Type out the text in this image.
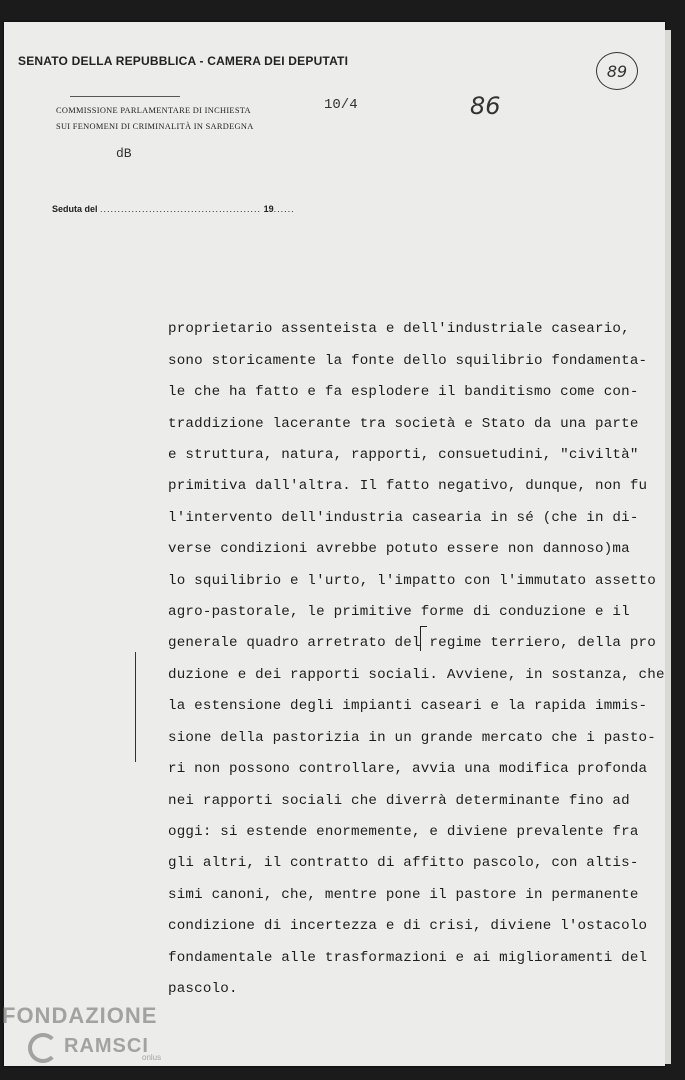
SENATO DELLA REPUBBLICA - CAMERA DEI DEPUTATI
COMMISSIONE PARLAMENTARE DI INCHIESTA
SUI FENOMENI DI CRIMINALITÀ IN SARDEGNA
10/4	86
89
dB
Seduta del .............................................. 19......

proprietario assenteista e dell'industriale caseario,
sono storicamente la fonte dello squilibrio fondamenta-
le che ha fatto e fa esplodere il banditismo come con-
traddizione lacerante tra società e Stato da una parte
e struttura, natura, rapporti, consuetudini, "civiltà"
primitiva dall'altra. Il fatto negativo, dunque, non fu
l'intervento dell'industria casearia in sé (che in di-
verse condizioni avrebbe potuto essere non dannoso)ma
lo squilibrio e l'urto, l'impatto con l'immutato assetto
agro-pastorale, le primitive forme di conduzione e il
generale quadro arretrato del regime terriero, della pro
duzione e dei rapporti sociali. Avviene, in sostanza, che
la estensione degli impianti caseari e la rapida immis-
sione della pastorizia in un grande mercato che i pasto-
ri non possono controllare, avvia una modifica profonda
nei rapporti sociali che diverrà determinante fino ad
oggi: si estende enormemente, e diviene prevalente fra
gli altri, il contratto di affitto pascolo, con altis-
simi canoni, che, mentre pone il pastore in permanente
condizione di incertezza e di crisi, diviene l'ostacolo
fondamentale alle trasformazioni e ai miglioramenti del
pascolo.

FONDAZIONE
RAMSCI
onlus
